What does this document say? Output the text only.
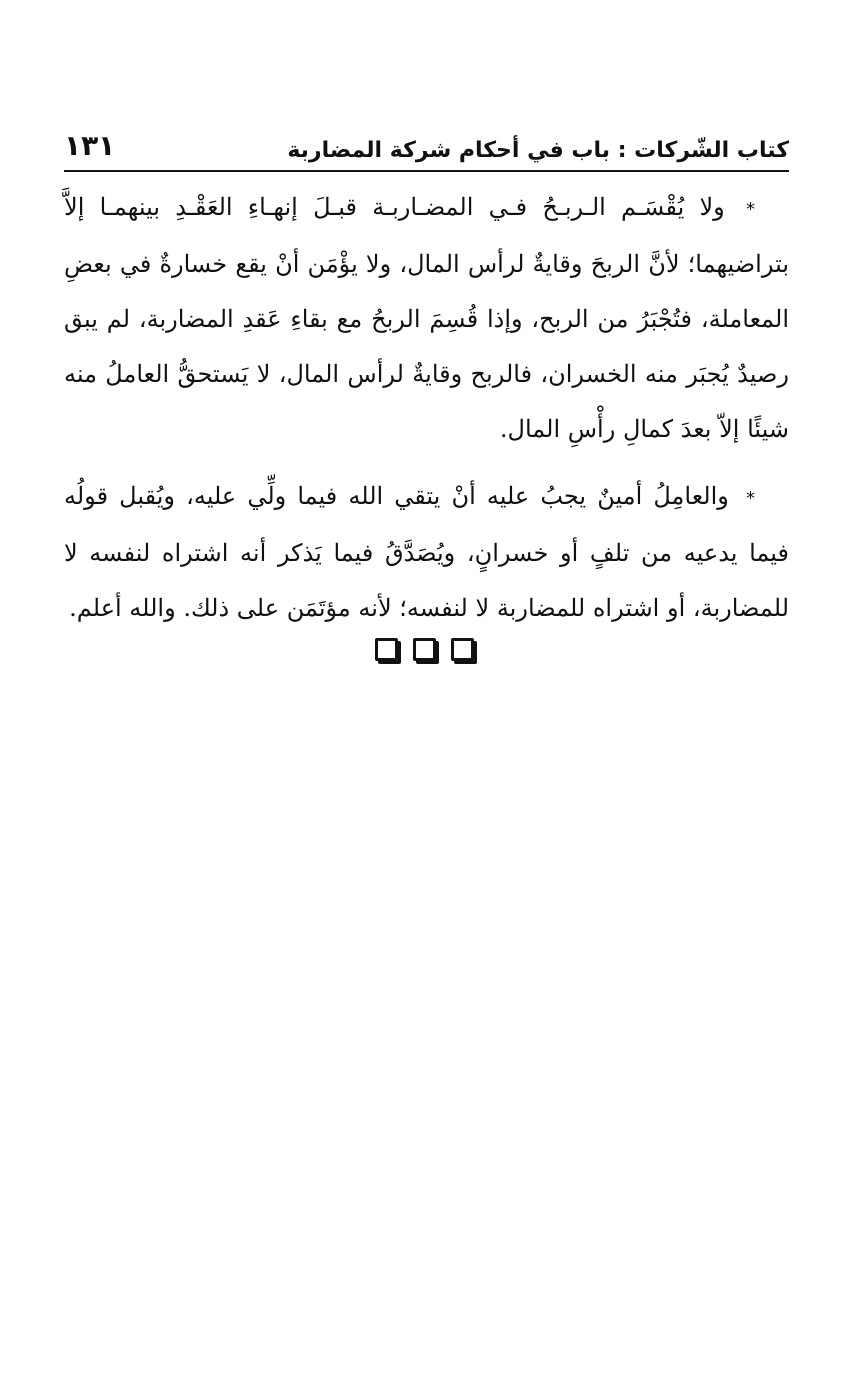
كتاب الشّركات : باب في أحكام شركة المضاربة
١٣١

* ولا يُقْسَـم الـربـحُ فـي المضـاربـة قبـلَ إنهـاءِ العَقْـدِ بينهمـا إلاَّ بتراضيهما؛ لأنَّ الربحَ وقايةٌ لرأس المال، ولا يؤْمَن أنْ يقع خسارةٌ في بعضِ المعاملة، فتُجْبَرُ من الربح، وإذا قُسِمَ الربحُ مع بقاءِ عَقدِ المضاربة، لم يبق رصيدٌ يُجبَر منه الخسران، فالربح وقايةٌ لرأس المال، لا يَستحقُّ العاملُ منه شيئًا إلاّ بعدَ كمالِ رأْسِ المال.

* والعامِلُ أمينٌ يجبُ عليه أنْ يتقي الله فيما ولِّي عليه، ويُقبل قولُه فيما يدعيه من تلفٍ أو خسرانٍ، ويُصَدَّقُ فيما يَذكر أنه اشتراه لنفسه لا للمضاربة، أو اشتراه للمضاربة لا لنفسه؛ لأنه مؤتَمَن على ذلك. والله أعلم.
